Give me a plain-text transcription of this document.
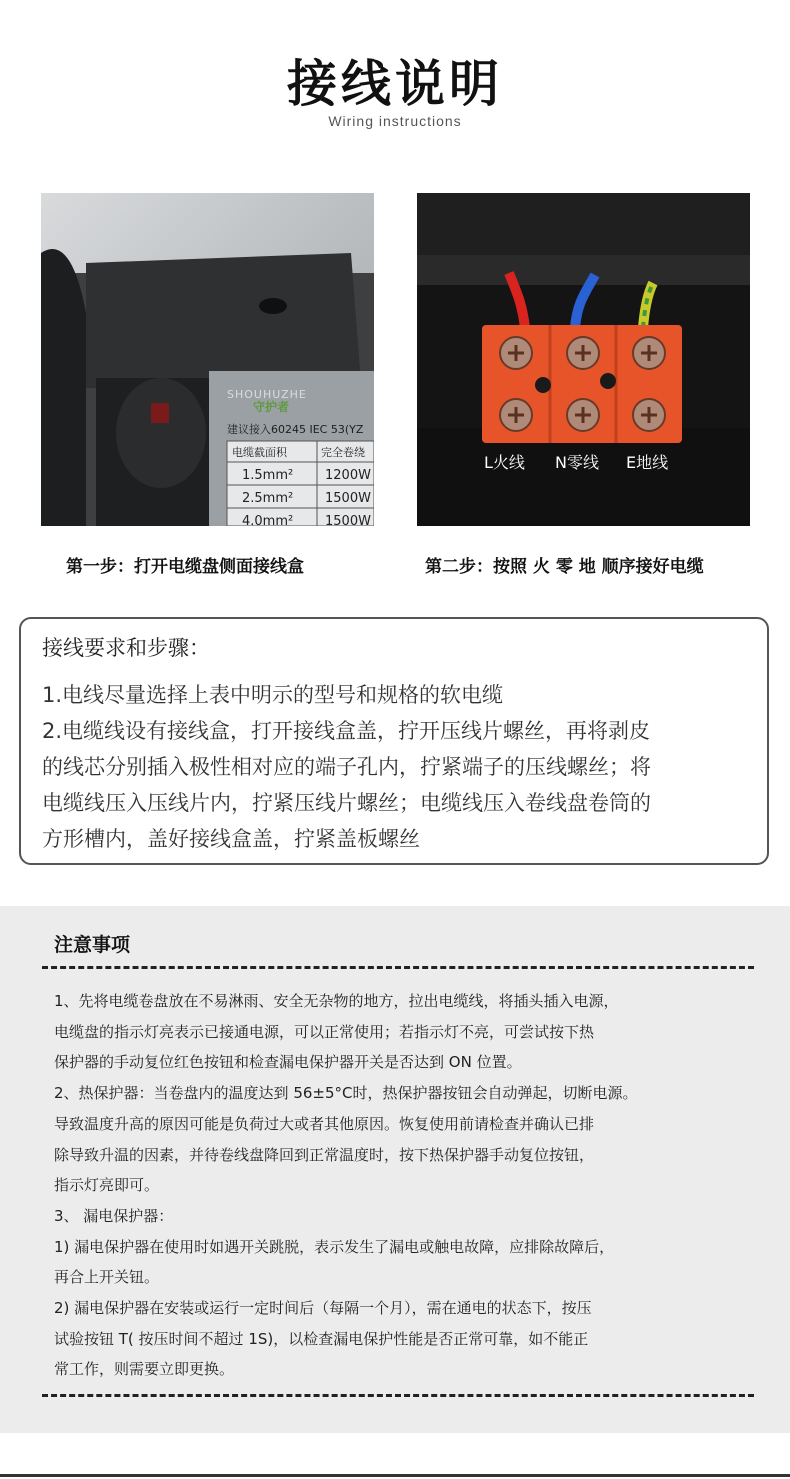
接线说明
Wiring instructions
SHOUHUZHE
守护者
建议接入60245 IEC 53(YZ
电缆截面积	完全卷绕
1.5mm² 1200W
2.5mm² 1500W
4.0mm² 1500W
L火线 N零线 E地线
第一步：打开电缆盘侧面接线盒	第二步：按照 火 零 地 顺序接好电缆

接线要求和步骤：

1.电线尽量选择上表中明示的型号和规格的软电缆

2.电缆线设有接线盒，打开接线盒盖，拧开压线片螺丝，再将剥皮

的线芯分别插入极性相对应的端子孔内，拧紧端子的压线螺丝；将

电缆线压入压线片内，拧紧压线片螺丝；电缆线压入卷线盘卷筒的

方形槽内，盖好接线盒盖，拧紧盖板螺丝

注意事项

1、先将电缆卷盘放在不易淋雨、安全无杂物的地方，拉出电缆线，将插头插入电源，

电缆盘的指示灯亮表示已接通电源，可以正常使用；若指示灯不亮，可尝试按下热

保护器的手动复位红色按钮和检查漏电保护器开关是否达到 ON 位置。

2、热保护器：当卷盘内的温度达到 56±5°C时，热保护器按钮会自动弹起，切断电源。

导致温度升高的原因可能是负荷过大或者其他原因。恢复使用前请检查并确认已排

除导致升温的因素，并待卷线盘降回到正常温度时，按下热保护器手动复位按钮，

指示灯亮即可。

3、 漏电保护器：

1) 漏电保护器在使用时如遇开关跳脱，表示发生了漏电或触电故障，应排除故障后，

再合上开关钮。

2) 漏电保护器在安装或运行一定时间后（每隔一个月），需在通电的状态下，按压

试验按钮 T( 按压时间不超过 1S)，以检查漏电保护性能是否正常可靠，如不能正

常工作，则需要立即更换。
